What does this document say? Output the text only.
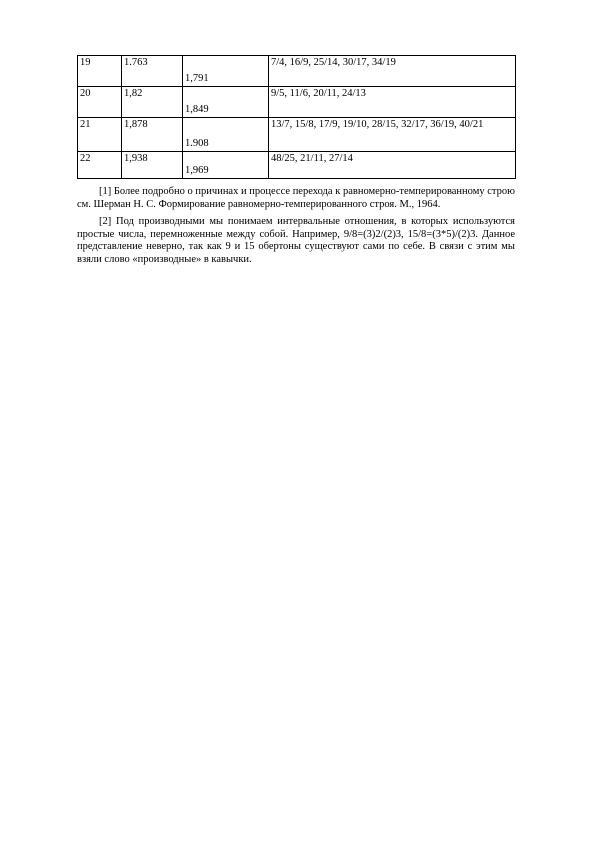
19	1.763	1,791	7/4, 16/9, 25/14, 30/17, 34/19
20	1,82	1,849	9/5, 11/6, 20/11, 24/13
21	1,878	1.908	13/7, 15/8, 17/9, 19/10, 28/15, 32/17, 36/19, 40/21
22	1,938	1,969	48/25, 21/11, 27/14

[1] Более подробно о причинах и процессе перехода к равномерно-темперированному строю см. Шерман Н. С. Формирование равномерно-темперированного строя. М., 1964.

[2] Под производными мы понимаем интервальные отношения, в которых используются простые числа, перемноженные между собой. Например, 9/8=(3)2/(2)3, 15/8=(3*5)/(2)3. Данное представление неверно, так как 9 и 15 обертоны существуют сами по себе. В связи с этим мы взяли слово «производные» в кавычки.
